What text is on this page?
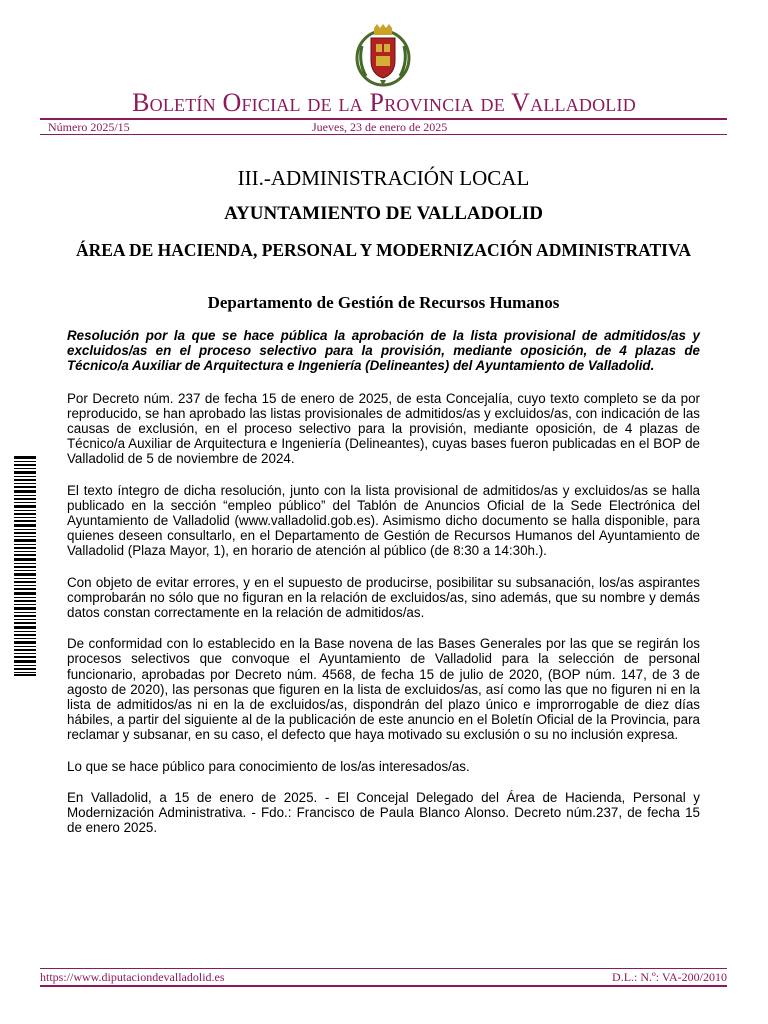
Boletín Oficial de la Provincia de Valladolid
Número 2025/15	Jueves, 23 de enero de 2025
III.-ADMINISTRACIÓN LOCAL
AYUNTAMIENTO DE VALLADOLID
ÁREA DE HACIENDA, PERSONAL Y MODERNIZACIÓN ADMINISTRATIVA
Departamento de Gestión de Recursos Humanos

Resolución por la que se hace pública la aprobación de la lista provisional de admitidos/as y excluidos/as en el proceso selectivo para la provisión, mediante oposición, de 4 plazas de Técnico/a Auxiliar de Arquitectura e Ingeniería (Delineantes) del Ayuntamiento de Valladolid.

Por Decreto núm. 237 de fecha 15 de enero de 2025, de esta Concejalía, cuyo texto completo se da por reproducido, se han aprobado las listas provisionales de admitidos/as y excluidos/as, con indicación de las causas de exclusión, en el proceso selectivo para la provisión, mediante oposición, de 4 plazas de Técnico/a Auxiliar de Arquitectura e Ingeniería (Delineantes), cuyas bases fueron publicadas en el BOP de Valladolid de 5 de noviembre de 2024.

El texto íntegro de dicha resolución, junto con la lista provisional de admitidos/as y excluidos/as se halla publicado en la sección “empleo público” del Tablón de Anuncios Oficial de la Sede Electrónica del Ayuntamiento de Valladolid (www.valladolid.gob.es). Asimismo dicho documento se halla disponible, para quienes deseen consultarlo, en el Departamento de Gestión de Recursos Humanos del Ayuntamiento de Valladolid (Plaza Mayor, 1), en horario de atención al público (de 8:30 a 14:30h.).

Con objeto de evitar errores, y en el supuesto de producirse, posibilitar su subsanación, los/as aspirantes comprobarán no sólo que no figuran en la relación de excluidos/as, sino además, que su nombre y demás datos constan correctamente en la relación de admitidos/as.

De conformidad con lo establecido en la Base novena de las Bases Generales por las que se regirán los procesos selectivos que convoque el Ayuntamiento de Valladolid para la selección de personal funcionario, aprobadas por Decreto núm. 4568, de fecha 15 de julio de 2020, (BOP núm. 147, de 3 de agosto de 2020), las personas que figuren en la lista de excluidos/as, así como las que no figuren ni en la lista de admitidos/as ni en la de excluidos/as, dispondrán del plazo único e improrrogable de diez días hábiles, a partir del siguiente al de la publicación de este anuncio en el Boletín Oficial de la Provincia, para reclamar y subsanar, en su caso, el defecto que haya motivado su exclusión o su no inclusión expresa.

Lo que se hace público para conocimiento de los/as interesados/as.

En Valladolid, a 15 de enero de 2025. - El Concejal Delegado del Área de Hacienda, Personal y Modernización Administrativa. - Fdo.: Francisco de Paula Blanco Alonso. Decreto núm.237, de fecha 15 de enero 2025.

https://www.diputaciondevalladolid.es	D.L.: N.º: VA-200/2010
